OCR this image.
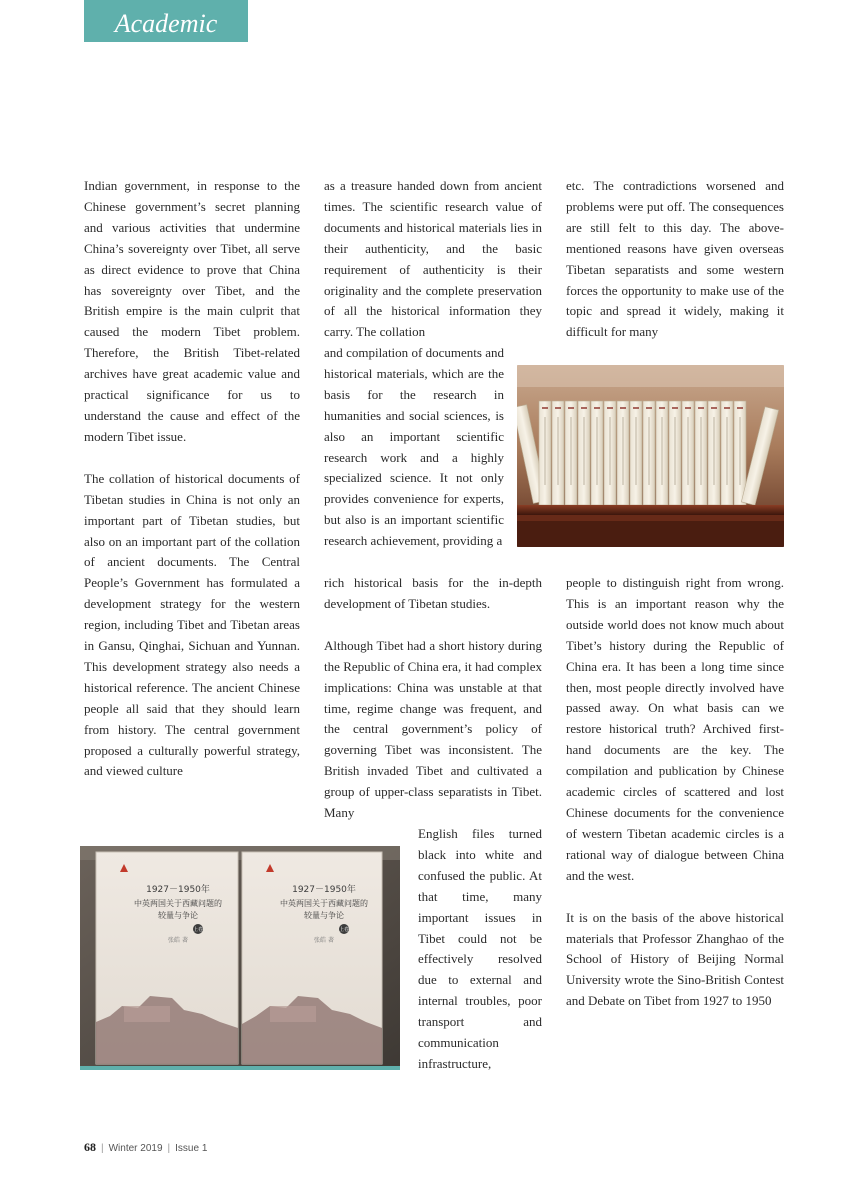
Academic

Indian government, in response to the Chinese government’s secret planning and various activities that undermine China’s sovereignty over Tibet, all serve as direct evidence to prove that China has sovereignty over Tibet, and the British empire is the main culprit that caused the modern Tibet problem. Therefore, the British Tibet-related archives have great academic value and practical significance for us to understand the cause and effect of the modern Tibet issue.

The collation of historical documents of Tibetan studies in China is not only an important part of Tibetan studies, but also on an important part of the collation of ancient documents. The Central People’s Government has formulated a development strategy for the western region, including Tibet and Tibetan areas in Gansu, Qinghai, Sichuan and Yunnan. This development strategy also needs a historical reference. The ancient Chinese people all said that they should learn from history. The central government proposed a culturally powerful strategy, and viewed culture

as a treasure handed down from ancient times. The scientific research value of documents and historical materials lies in their authenticity, and the basic requirement of authenticity is their originality and the complete preservation of all the historical information they carry. The collation

and compilation of documents and historical materials, which are the basis for the research in humanities and social sciences, is also an important scientific research work and a highly specialized science. It not only provides convenience for experts, but also is an important scientific research achievement, providing a

rich historical basis for the in-depth development of Tibetan studies.

Although Tibet had a short history during the Republic of China era, it had complex implications: China was unstable at that time, regime change was frequent, and the central government’s policy of governing Tibet was inconsistent. The British invaded Tibet and cultivated a group of upper-class separatists in Tibet. Many

English files turned black into white and confused the public. At that time, many important issues in Tibet could not be effectively resolved due to external and internal troubles, poor transport and communication infrastructure,

etc. The contradictions worsened and problems were put off. The consequences are still felt to this day. The above-mentioned reasons have given overseas Tibetan separatists and some western forces the opportunity to make use of the topic and spread it widely, making it difficult for many

people to distinguish right from wrong. This is an important reason why the outside world does not know much about Tibet’s history during the Republic of China era. It has been a long time since then, most people directly involved have passed away. On what basis can we restore historical truth? Archived first-hand documents are the key. The compilation and publication by Chinese academic circles of scattered and lost Chinese documents for the convenience of western Tibetan academic circles is a rational way of dialogue between China and the west.

It is on the basis of the above historical materials that Professor Zhanghao of the School of History of Beijing Normal University wrote the Sino-British Contest and Debate on Tibet from 1927 to 1950

1927－1950年
中英两国关于西藏问题的
较量与争论
张皓 著
1927－1950年
中英两国关于西藏问题的
较量与争论
张皓 著
上卷	上卷
68 | Winter 2019 | Issue 1
